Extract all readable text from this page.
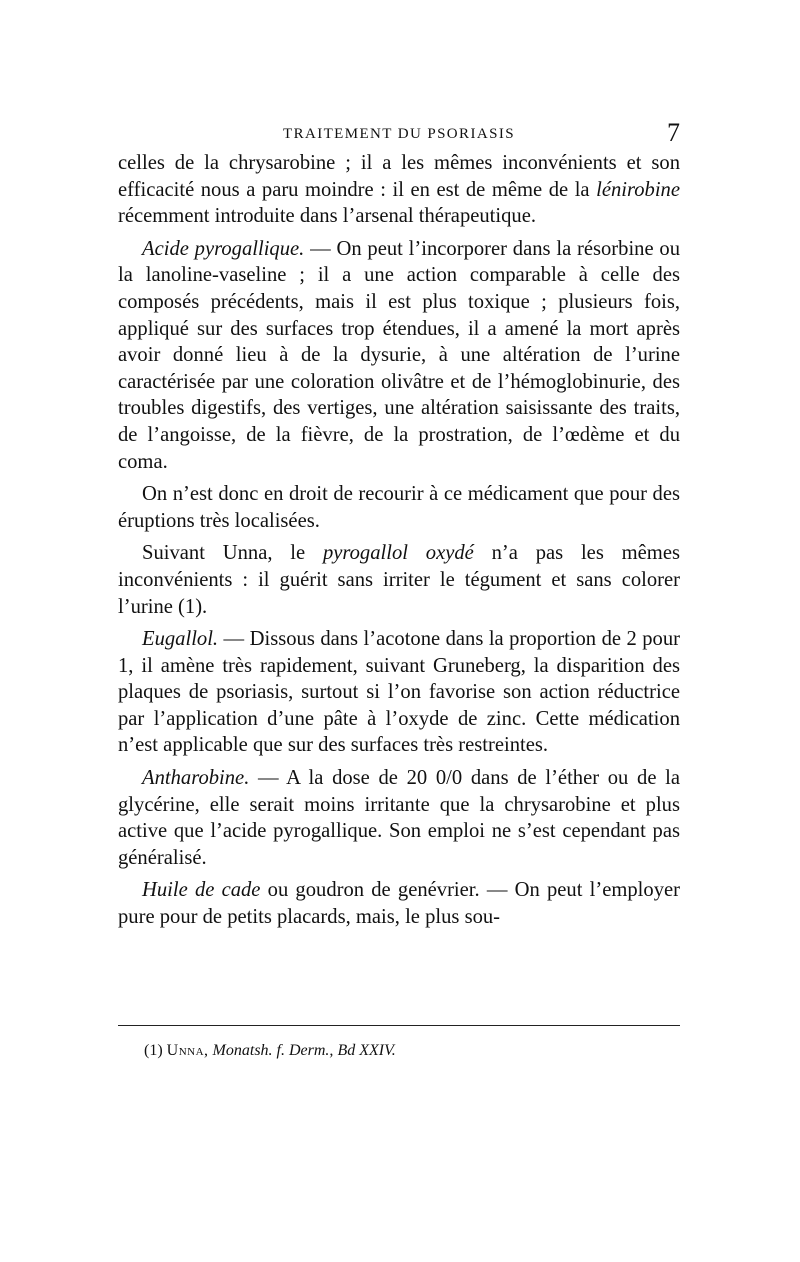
TRAITEMENT DU PSORIASIS	7

celles de la chrysarobine ; il a les mêmes inconvénients et son efficacité nous a paru moindre : il en est de même de la lénirobine récemment introduite dans l’arsenal thérapeutique.

Acide pyrogallique. — On peut l’incorporer dans la résorbine ou la lanoline-vaseline ; il a une action comparable à celle des composés précédents, mais il est plus toxique ; plusieurs fois, appliqué sur des surfaces trop étendues, il a amené la mort après avoir donné lieu à de la dysurie, à une altération de l’urine caractérisée par une coloration olivâtre et de l’hémoglobinurie, des troubles digestifs, des vertiges, une altération saisissante des traits, de l’angoisse, de la fièvre, de la prostration, de l’œdème et du coma.

On n’est donc en droit de recourir à ce médicament que pour des éruptions très localisées.

Suivant Unna, le pyrogallol oxydé n’a pas les mêmes inconvénients : il guérit sans irriter le tégument et sans colorer l’urine (1).

Eugallol. — Dissous dans l’acotone dans la proportion de 2 pour 1, il amène très rapidement, suivant Gruneberg, la disparition des plaques de psoriasis, surtout si l’on favorise son action réductrice par l’application d’une pâte à l’oxyde de zinc. Cette médication n’est applicable que sur des surfaces très restreintes.

Antharobine. — A la dose de 20 0/0 dans de l’éther ou de la glycérine, elle serait moins irritante que la chrysarobine et plus active que l’acide pyrogallique. Son emploi ne s’est cependant pas généralisé.

Huile de cade ou goudron de genévrier. — On peut l’employer pure pour de petits placards, mais, le plus sou-

(1) Unna, Monatsh. f. Derm., Bd XXIV.
